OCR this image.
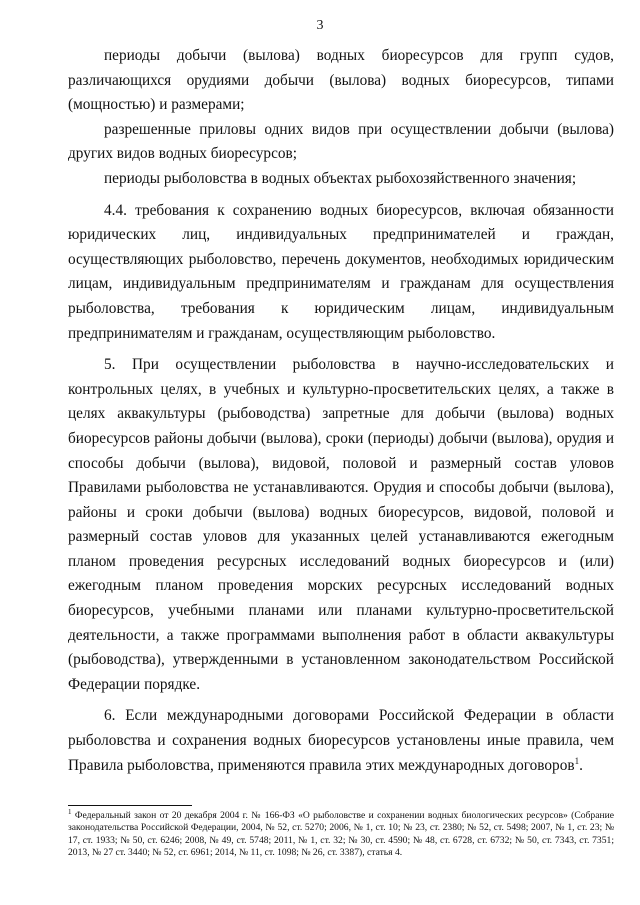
3

периоды добычи (вылова) водных биоресурсов для групп судов, различающихся орудиями добычи (вылова) водных биоресурсов, типами (мощностью) и размерами;

разрешенные прилoвы одних видов при осуществлении добычи (вылова) других видов водных биоресурсов;

периоды рыболовства в водных объектах рыбохозяйственного значения;

4.4. требования к сохранению водных биоресурсов, включая обязанности юридических лиц, индивидуальных предпринимателей и граждан, осуществляющих рыболовство, перечень документов, необходимых юридическим лицам, индивидуальным предпринимателям и гражданам для осуществления рыболовства, требования к юридическим лицам, индивидуальным предпринимателям и гражданам, осуществляющим рыболовство.

5. При осуществлении рыболовства в научно-исследовательских и контрольных целях, в учебных и культурно-просветительских целях, а также в целях аквакультуры (рыбоводства) запретные для добычи (вылова) водных биоресурсов районы добычи (вылова), сроки (периоды) добычи (вылова), орудия и способы добычи (вылова), видовой, половой и размерный состав уловов Правилами рыболовства не устанавливаются. Орудия и способы добычи (вылова), районы и сроки добычи (вылова) водных биоресурсов, видовой, половой и размерный состав уловов для указанных целей устанавливаются ежегодным планом проведения ресурсных исследований водных биоресурсов и (или) ежегодным планом проведения морских ресурсных исследований водных биоресурсов, учебными планами или планами культурно-просветительской деятельности, а также программами выполнения работ в области аквакультуры (рыбоводства), утвержденными в установленном законодательством Российской Федерации порядке.

6. Если международными договорами Российской Федерации в области рыболовства и сохранения водных биоресурсов установлены иные правила, чем Правила рыболовства, применяются правила этих международных договоров$^1$.

$^1$ Федеральный закон от 20 декабря 2004 г. № 166-ФЗ «О рыболовстве и сохранении водных биологических ресурсов» (Собрание законодательства Российской Федерации, 2004, № 52, ст. 5270; 2006, № 1, ст. 10; № 23, ст. 2380; № 52, ст. 5498; 2007, № 1, ст. 23; № 17, ст. 1933; № 50, ст. 6246; 2008, № 49, ст. 5748; 2011, № 1, ст. 32; № 30, ст. 4590; № 48, ст. 6728, ст. 6732; № 50, ст. 7343, ст. 7351; 2013, № 27 ст. 3440; № 52, ст. 6961; 2014, № 11, ст. 1098; № 26, ст. 3387), статья 4.
